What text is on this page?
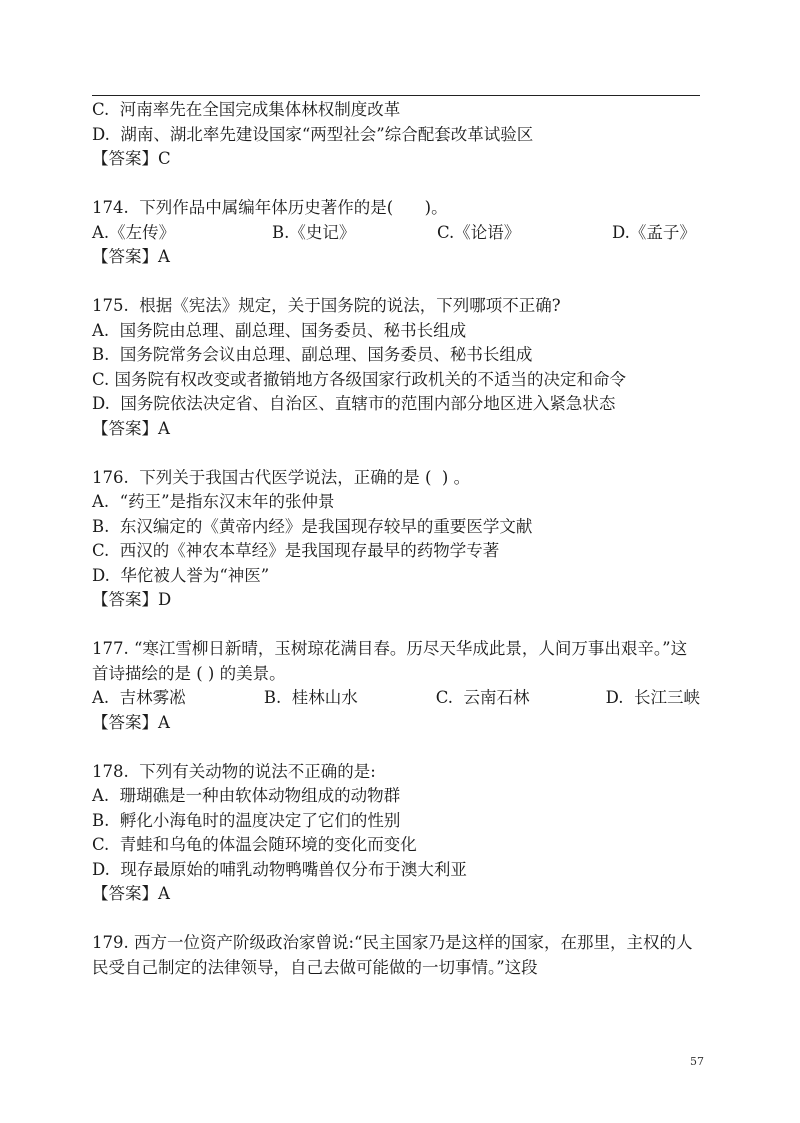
C.  河南率先在全国完成集体林权制度改革
D.  湖南、湖北率先建设国家“两型社会”综合配套改革试验区
【答案】C
174.  下列作品中属编年体历史著作的是(      )。
A.《左传》	B.《史记》	C.《论语》	D.《孟子》
【答案】A
175.  根据《宪法》规定，关于国务院的说法，下列哪项不正确?
A.  国务院由总理、副总理、国务委员、秘书长组成
B.  国务院常务会议由总理、副总理、国务委员、秘书长组成
C. 国务院有权改变或者撤销地方各级国家行政机关的不适当的决定和命令
D.  国务院依法决定省、自治区、直辖市的范围内部分地区进入紧急状态
【答案】A
176.  下列关于我国古代医学说法，正确的是 (  ) 。
A.  “药王”是指东汉末年的张仲景
B.  东汉编定的《黄帝内经》是我国现存较早的重要医学文献
C.  西汉的《神农本草经》是我国现存最早的药物学专著
D.  华佗被人誉为“神医”
【答案】D
177. “寒江雪柳日新晴，玉树琼花满目春。历尽天华成此景，人间万事出艰辛。”这首诗描绘的是 ( ) 的美景。
A.  吉林雾凇	B.  桂林山水	C.  云南石林	D.  长江三峡
【答案】A
178.  下列有关动物的说法不正确的是:
A.  珊瑚礁是一种由软体动物组成的动物群
B.  孵化小海龟时的温度决定了它们的性别
C.  青蛙和乌龟的体温会随环境的变化而变化
D.  现存最原始的哺乳动物鸭嘴兽仅分布于澳大利亚
【答案】A
179. 西方一位资产阶级政治家曾说:“民主国家乃是这样的国家，在那里，主权的人民受自己制定的法律领导，自己去做可能做的一切事情。”这段
57
